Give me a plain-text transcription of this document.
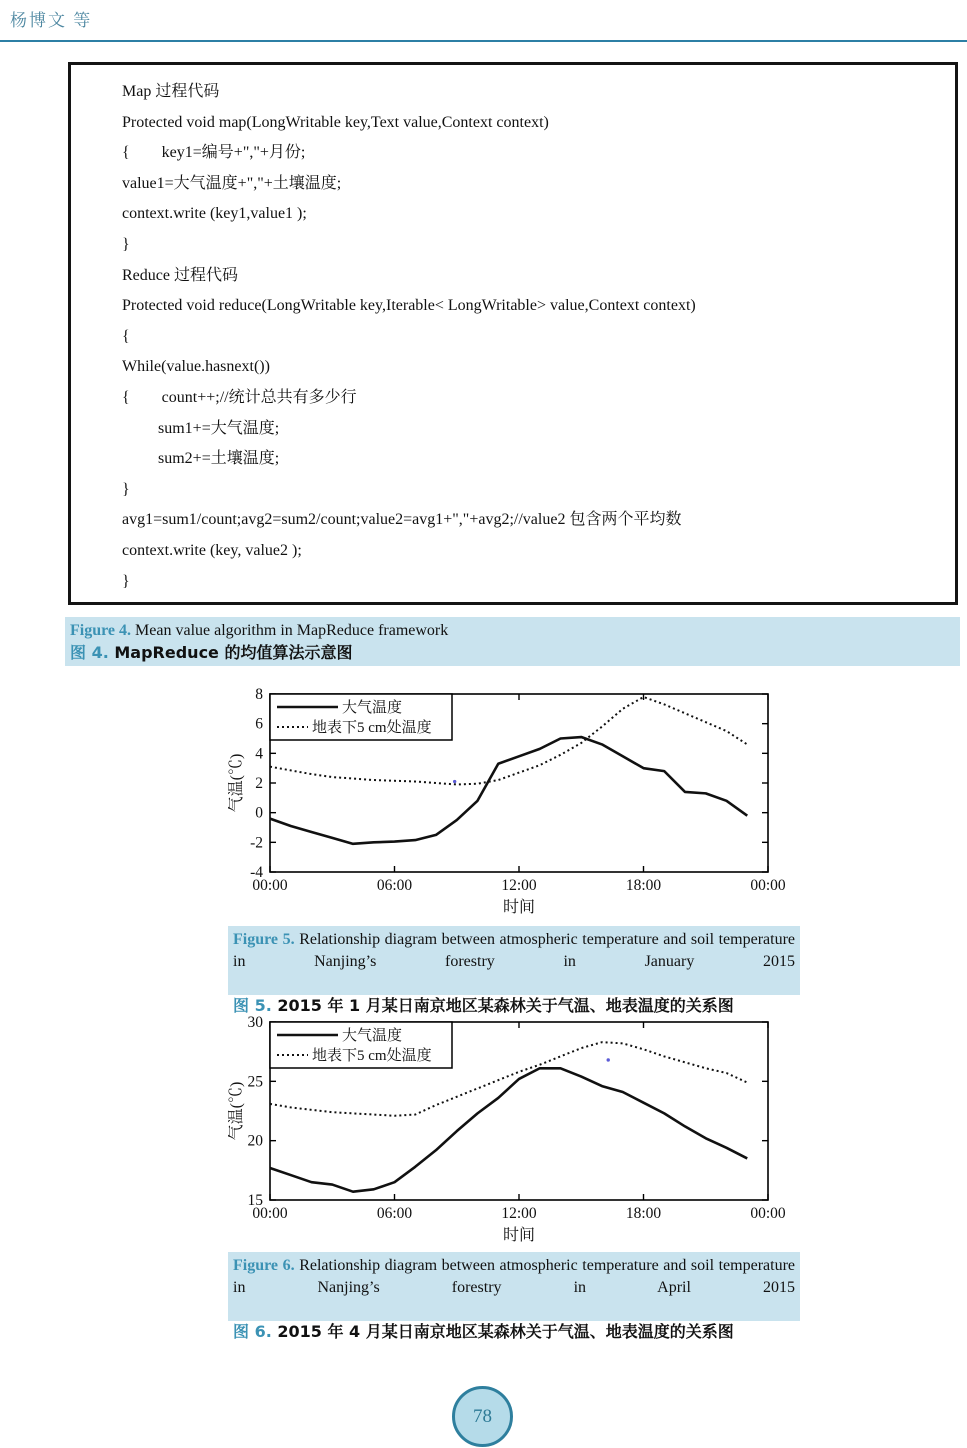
杨博文 等
Map 过程代码
Protected void map(LongWritable key,Text value,Context context)
{        key1=编号+","+月份;
value1=大气温度+","+土壤温度;
context.write (key1,value1 );
}
Reduce 过程代码
Protected void reduce(LongWritable key,Iterable< LongWritable> value,Context context)
{
While(value.hasnext())
{        count++;//统计总共有多少行
sum1+=大气温度;
sum2+=土壤温度;
}
avg1=sum1/count;avg2=sum2/count;value2=avg1+","+avg2;//value2 包含两个平均数
context.write (key, value2 );
}

Figure 4. Mean value algorithm in MapReduce framework

图 4. MapReduce 的均值算法示意图

00:00	06:00	12:00	18:00	00:00
-4
-2
0
2
4
6
8
时间
气温(℃)
大气温度
地表下5 cm处温度

Figure 5. Relationship diagram between atmospheric temperature and soil temperature in Nanjing’s forestry in January 2015

图 5. 2015 年 1 月某日南京地区某森林关于气温、地表温度的关系图

00:00	06:00	12:00	18:00	00:00
15
20
25
30
时间
气温(℃)
大气温度
地表下5 cm处温度

Figure 6. Relationship diagram between atmospheric temperature and soil temperature in Nanjing’s forestry in April 2015

图 6. 2015 年 4 月某日南京地区某森林关于气温、地表温度的关系图

78
